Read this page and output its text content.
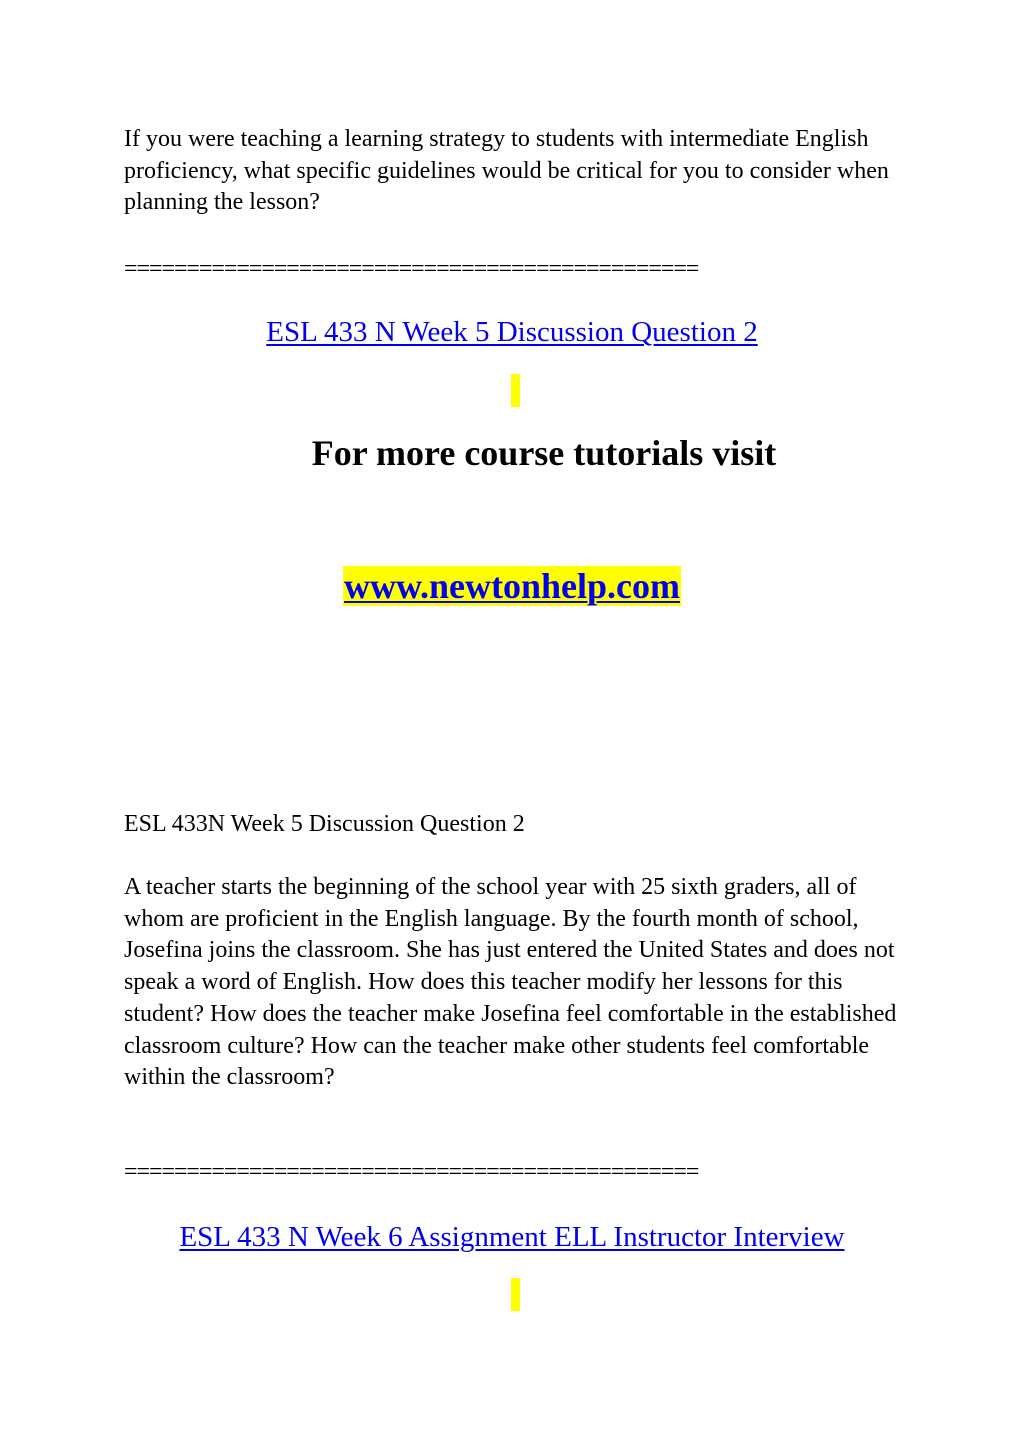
If you were teaching a learning strategy to students with intermediate English proficiency, what specific guidelines would be critical for you to consider when planning the lesson?

==============================================

ESL 433 N Week 5 Discussion Question 2

For more course tutorials visit

www.newtonhelp.com

ESL 433N Week 5 Discussion Question 2

A teacher starts the beginning of the school year with 25 sixth graders, all of whom are proficient in the English language. By the fourth month of school, Josefina joins the classroom. She has just entered the United States and does not speak a word of English. How does this teacher modify her lessons for this student? How does the teacher make Josefina feel comfortable in the established classroom culture? How can the teacher make other students feel comfortable within the classroom?

==============================================

ESL 433 N Week 6 Assignment ELL Instructor Interview
